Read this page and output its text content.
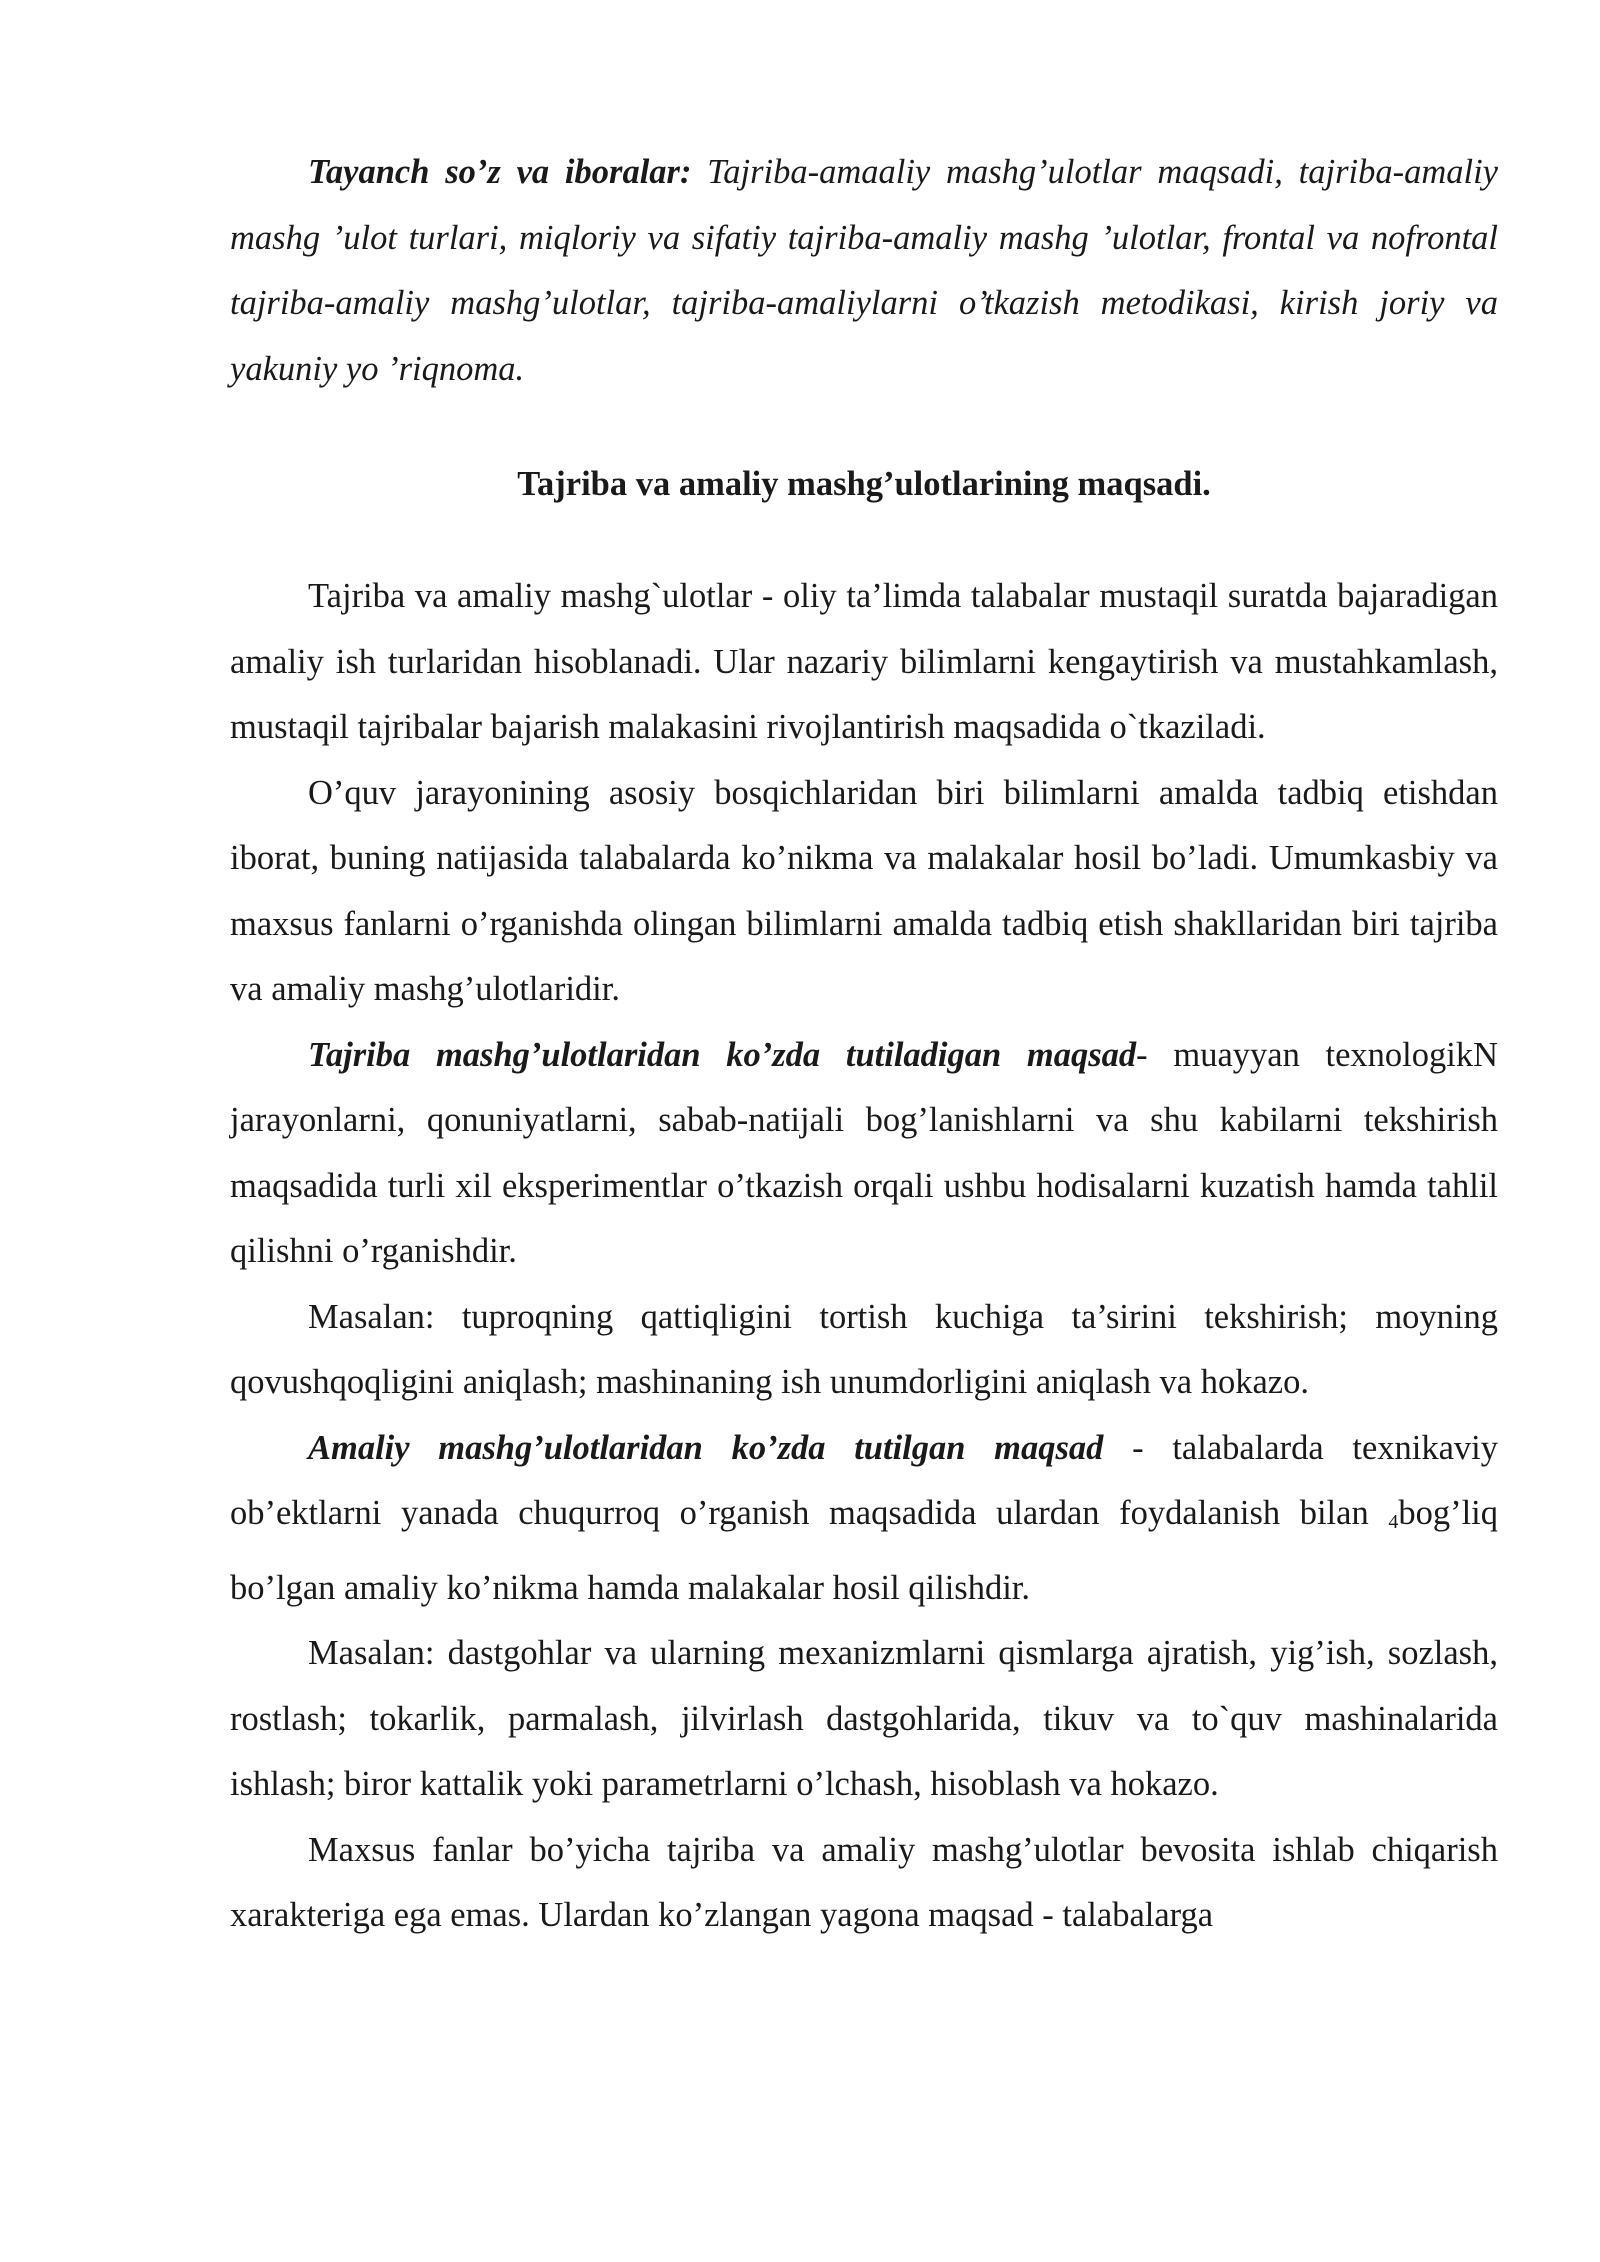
Tayanch so’z va iboralar: Tajriba-amaaliy mashg’ulotlar maqsadi, tajriba-amaliy mashg ’ulot turlari, miqloriy va sifatiy tajriba-amaliy mashg ’ulotlar, frontal va nofrontal tajriba-amaliy mashg’ulotlar, tajriba-amaliylarni o’tkazish metodikasi, kirish joriy va yakuniy yo ’riqnoma.

Tajriba va amaliy mashg’ulotlarining maqsadi.

Tajriba va amaliy mashg`ulotlar - oliy ta’limda talabalar mustaqil suratda bajaradigan amaliy ish turlaridan hisoblanadi. Ular nazariy bilimlarni kengaytirish va mustahkamlash, mustaqil tajribalar bajarish malakasini rivojlantirish maqsadida o`tkaziladi.

O’quv jarayonining asosiy bosqichlaridan biri bilimlarni amalda tadbiq etishdan iborat, buning natijasida talabalarda ko’nikma va malakalar hosil bo’ladi. Umumkasbiy va maxsus fanlarni o’rganishda olingan bilimlarni amalda tadbiq etish shakllaridan biri tajriba va amaliy mashg’ulotlaridir.

Tajriba mashg’ulotlaridan ko’zda tutiladigan maqsad- muayyan texnologikN jarayonlarni, qonuniyatlarni, sabab-natijali bog’lanishlarni va shu kabilarni tekshirish maqsadida turli xil eksperimentlar o’tkazish orqali ushbu hodisalarni kuzatish hamda tahlil qilishni o’rganishdir.

Masalan: tuproqning qattiqligini tortish kuchiga ta’sirini tekshirish; moyning qovushqoqligini aniqlash; mashinaning ish unumdorligini aniqlash va hokazo.

Amaliy mashg’ulotlaridan ko’zda tutilgan maqsad - talabalarda texnikaviy ob’ektlarni yanada chuqurroq o’rganish maqsadida ulardan foydalanish bilan 4bog’liq bo’lgan amaliy ko’nikma hamda malakalar hosil qilishdir.

Masalan: dastgohlar va ularning mexanizmlarni qismlarga ajratish, yig’ish, sozlash, rostlash; tokarlik, parmalash, jilvirlash dastgohlarida, tikuv va to`quv mashinalarida ishlash; biror kattalik yoki parametrlarni o’lchash, hisoblash va hokazo.

Maxsus fanlar bo’yicha tajriba va amaliy mashg’ulotlar bevosita ishlab chiqarish xarakteriga ega emas. Ulardan ko’zlangan yagona maqsad - talabalarga
